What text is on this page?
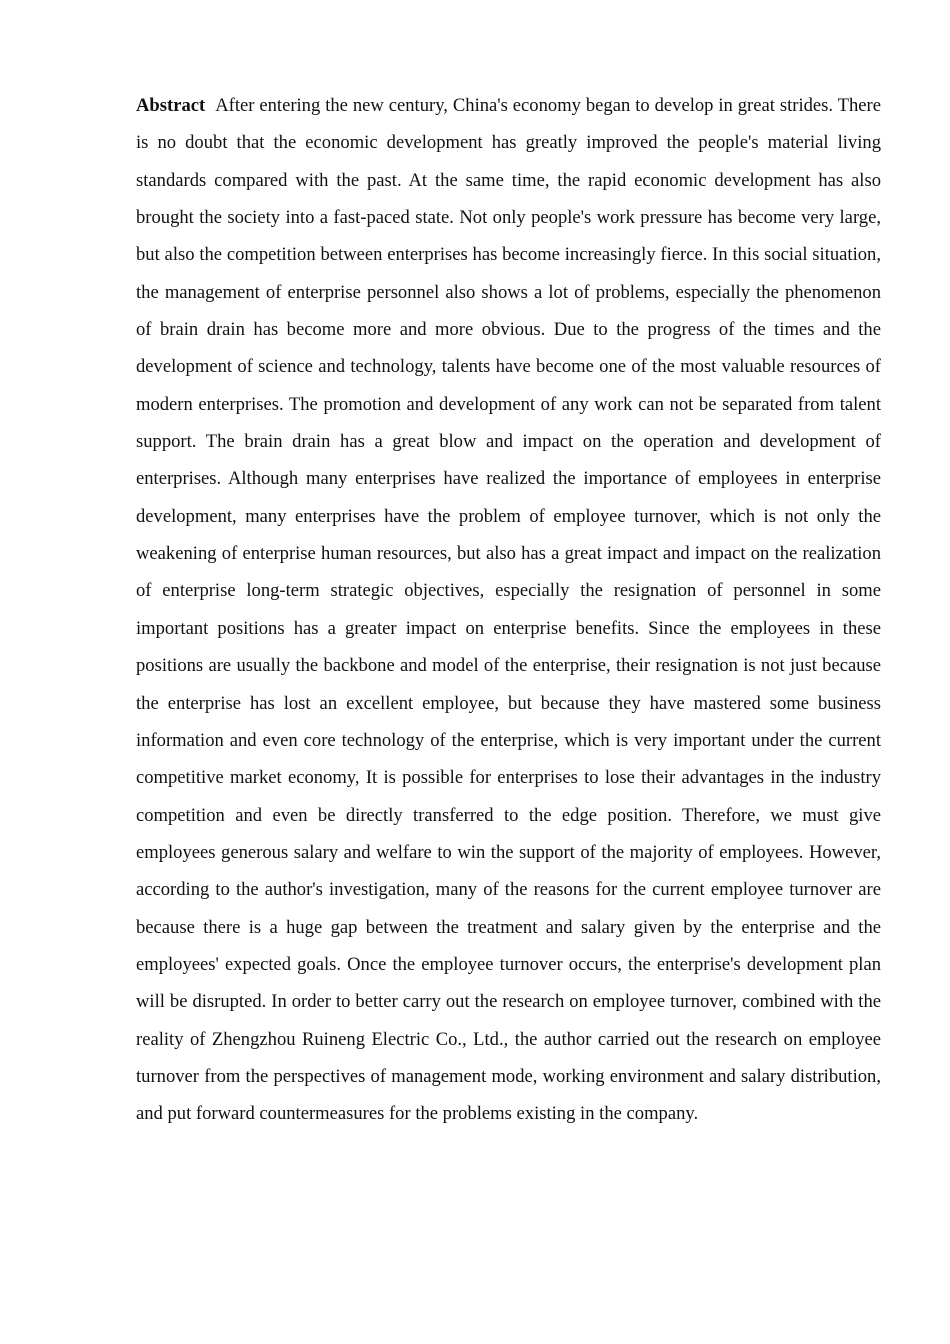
Abstract After entering the new century, China's economy began to develop in great strides. There is no doubt that the economic development has greatly improved the people's material living standards compared with the past. At the same time, the rapid economic development has also brought the society into a fast-paced state. Not only people's work pressure has become very large, but also the competition between enterprises has become increasingly fierce. In this social situation, the management of enterprise personnel also shows a lot of problems, especially the phenomenon of brain drain has become more and more obvious. Due to the progress of the times and the development of science and technology, talents have become one of the most valuable resources of modern enterprises. The promotion and development of any work can not be separated from talent support. The brain drain has a great blow and impact on the operation and development of enterprises. Although many enterprises have realized the importance of employees in enterprise development, many enterprises have the problem of employee turnover, which is not only the weakening of enterprise human resources, but also has a great impact and impact on the realization of enterprise long-term strategic objectives, especially the resignation of personnel in some important positions has a greater impact on enterprise benefits. Since the employees in these positions are usually the backbone and model of the enterprise, their resignation is not just because the enterprise has lost an excellent employee, but because they have mastered some business information and even core technology of the enterprise, which is very important under the current competitive market economy, It is possible for enterprises to lose their advantages in the industry competition and even be directly transferred to the edge position. Therefore, we must give employees generous salary and welfare to win the support of the majority of employees. However, according to the author's investigation, many of the reasons for the current employee turnover are because there is a huge gap between the treatment and salary given by the enterprise and the employees' expected goals. Once the employee turnover occurs, the enterprise's development plan will be disrupted. In order to better carry out the research on employee turnover, combined with the reality of Zhengzhou Ruineng Electric Co., Ltd., the author carried out the research on employee turnover from the perspectives of management mode, working environment and salary distribution, and put forward countermeasures for the problems existing in the company.
